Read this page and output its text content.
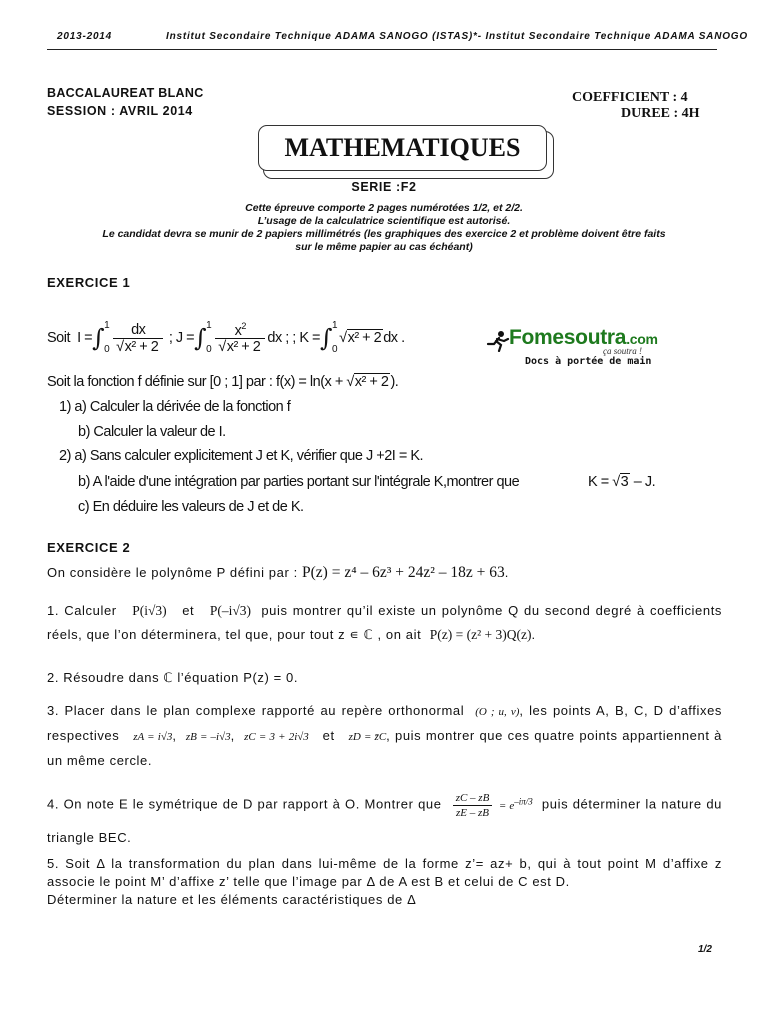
2013-2014	Institut Secondaire Technique ADAMA SANOGO (ISTAS)*- Institut Secondaire Technique ADAMA SANOGO
BACCALAUREAT BLANC
SESSION : AVRIL 2014
COEFFICIENT : 4
DUREE : 4H
MATHEMATIQUES
SERIE :F2
Cette épreuve comporte 2 pages numérotées 1/2, et 2/2.
L’usage de la calculatrice scientifique est autorisé.
Le candidat devra se munir de 2 papiers millimétrés (les graphiques des exercice 2 et problème doivent être faits
sur le même papier au cas échéant)
EXERCICE 1
Soit
I = ∫ 1
$0 \frac{dx}{\text{√x² + 2}}$
; J = ∫ 1
$0 \frac{x^2}{\text{√x² + 2}}$ dx ;
; K = ∫ 1
0
√x² + 2 dx .	Fomesoutra.com
ça soutra !
Docs à portée de main
Soit la fonction f définie sur [0 ; 1] par : f(x) = ln(x + √x² + 2 ).
1) a) Calculer la dérivée de la fonction f
b) Calculer la valeur de I.
2) a) Sans calculer explicitement J et K, vérifier que J +2I = K.
b) A l'aide d'une intégration par parties portant sur l'intégrale K,montrer que	K = √3 – J.
c) En déduire les valeurs de J et de K.
EXERCICE 2
On considère le polynôme P défini par : P(z) = z⁴ – 6z³ + 24z² – 18z + 63.
1. Calculer P(i√3) et P(–i√3) puis montrer qu’il existe un polynôme Q du second degré à coefficients réels, que l’on déterminera, tel que, pour tout z ∊ ℂ , on ait P(z) = (z² + 3)Q(z).
2. Résoudre dans ℂ l’équation P(z) = 0.
3. Placer dans le plan complexe rapporté au repère orthonormal (O ; u, v), les points A, B, C, D d’affixes respectives zA = i√3,  zB = –i√3,  zC = 3 + 2i√3 et zD = z̄C, puis montrer que ces quatre points appartiennent à un même cercle.
4. On note E le symétrique de D par rapport à O. Montrer que $\frac{zC - zB}{zE - zB} = e^{-i\pi/3}$ puis déterminer la nature du triangle BEC.
5. Soit Δ la transformation du plan dans lui-même de la forme z’= az+ b, qui à tout point M d’affixe z associe le point M’ d’affixe z’ telle que l’image par Δ de A est B et celui de C est D.
Déterminer la nature et les éléments caractéristiques de Δ
1/2
